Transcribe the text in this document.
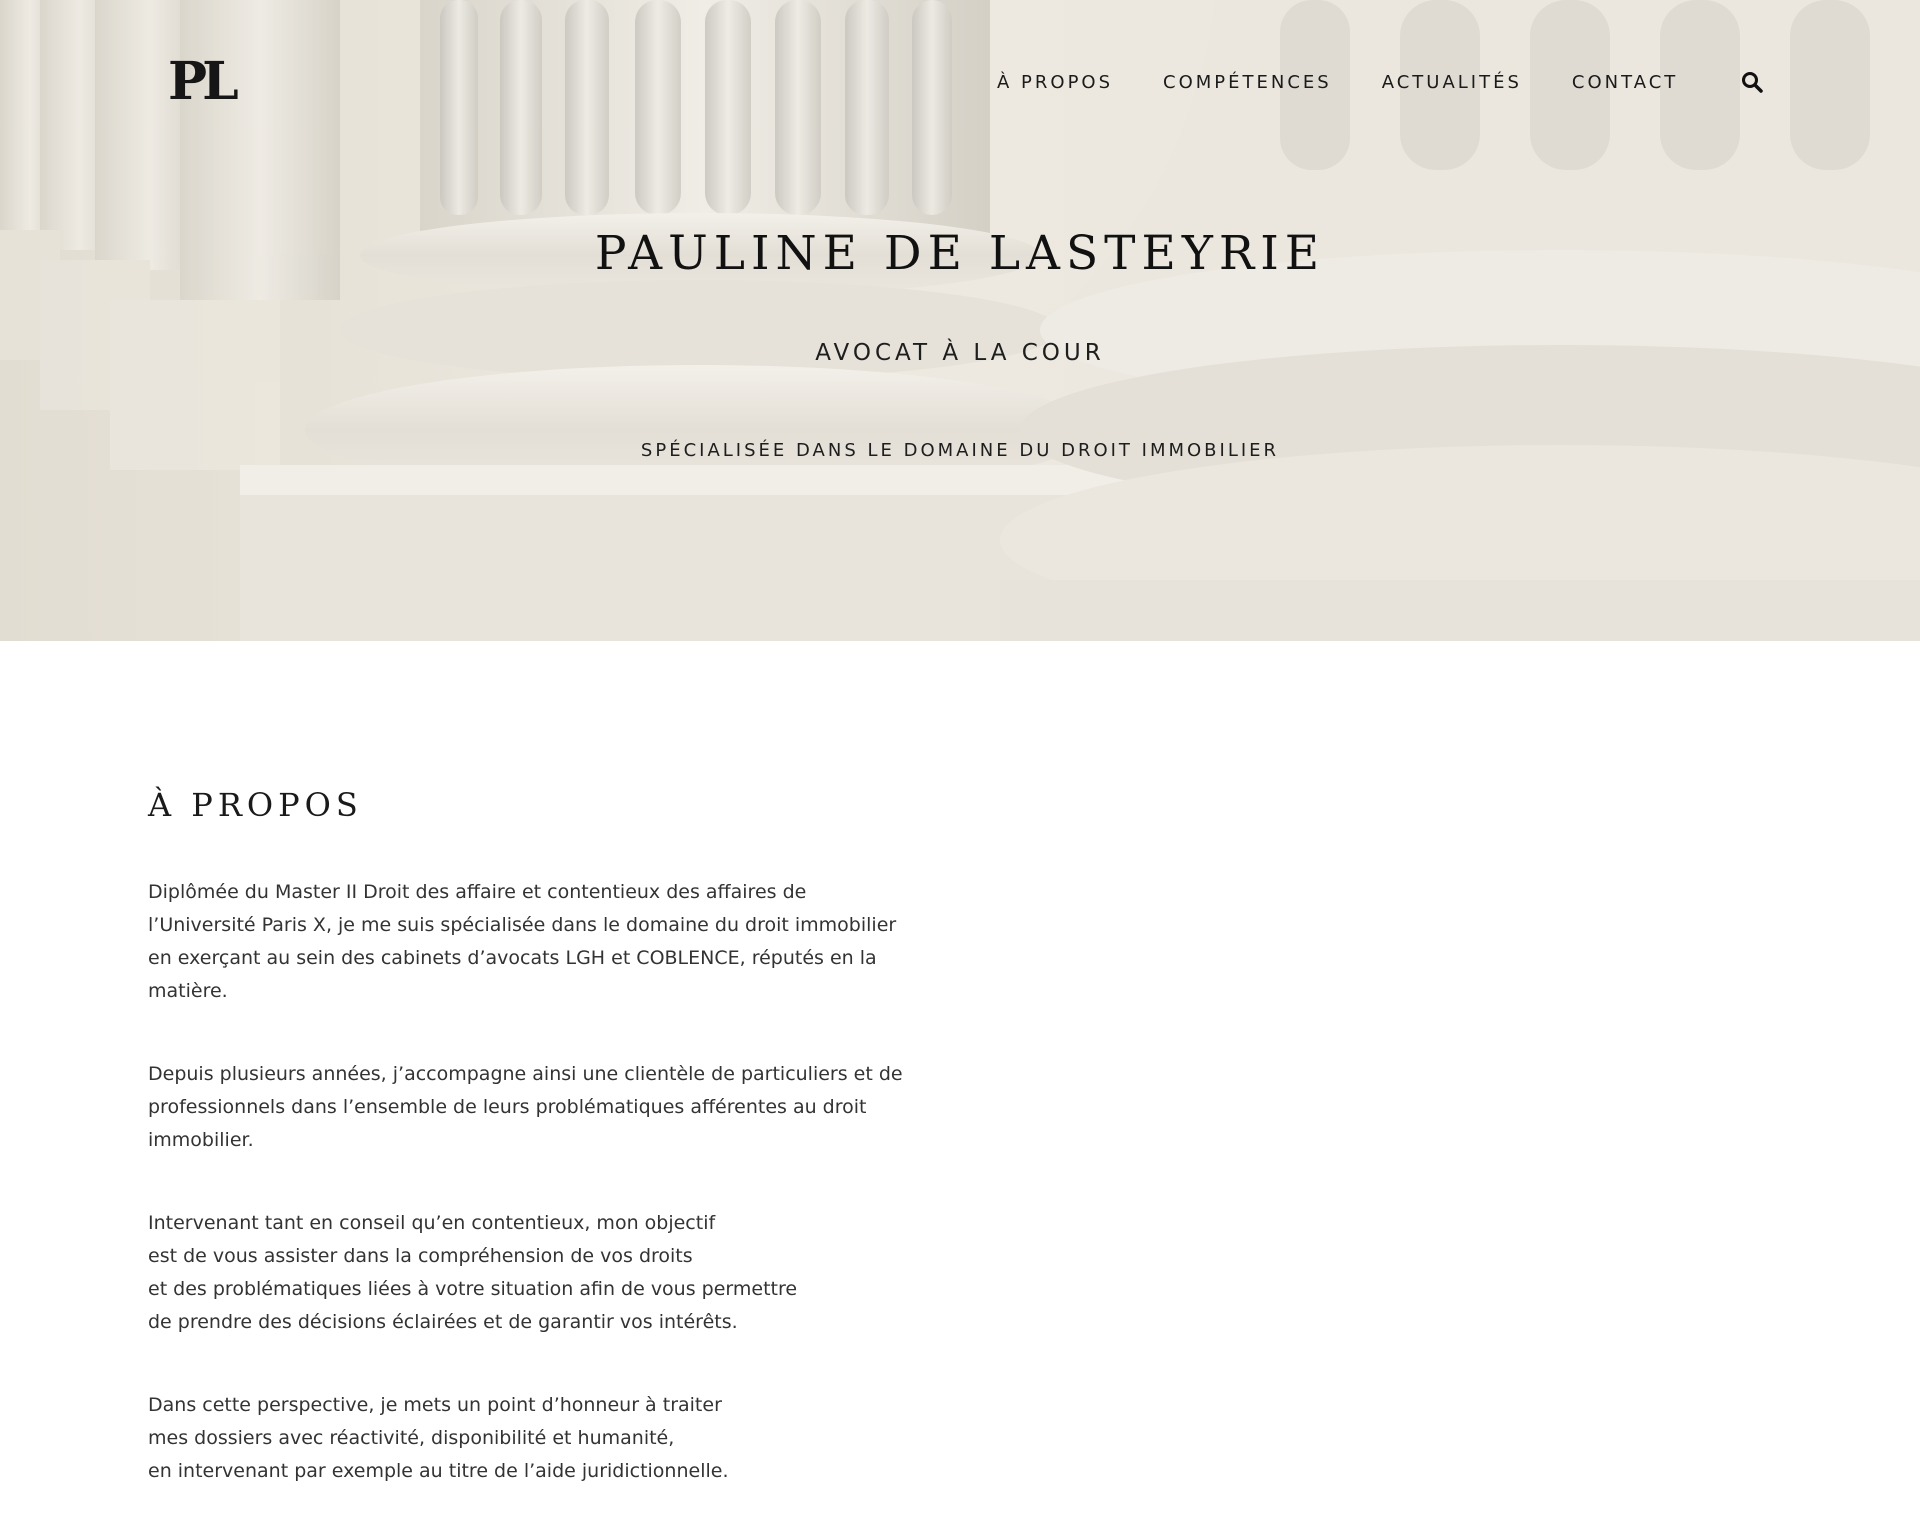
PL	À PROPOS	COMPÉTENCES	ACTUALITÉS	CONTACT
PAULINE DE LASTEYRIE
AVOCAT À LA COUR
SPÉCIALISÉE DANS LE DOMAINE DU DROIT IMMOBILIER
À PROPOS

Diplômée du Master II Droit des affaire et contentieux des affaires de
l’Université Paris X, je me suis spécialisée dans le domaine du droit immobilier
en exerçant au sein des cabinets d’avocats LGH et COBLENCE, réputés en la
matière.

Depuis plusieurs années, j’accompagne ainsi une clientèle de particuliers et de
professionnels dans l’ensemble de leurs problématiques afférentes au droit
immobilier.

Intervenant tant en conseil qu’en contentieux, mon objectif
est de vous assister dans la compréhension de vos droits
et des problématiques liées à votre situation afin de vous permettre
de prendre des décisions éclairées et de garantir vos intérêts.

Dans cette perspective, je mets un point d’honneur à traiter
mes dossiers avec réactivité, disponibilité et humanité,
en intervenant par exemple au titre de l’aide juridictionnelle.
